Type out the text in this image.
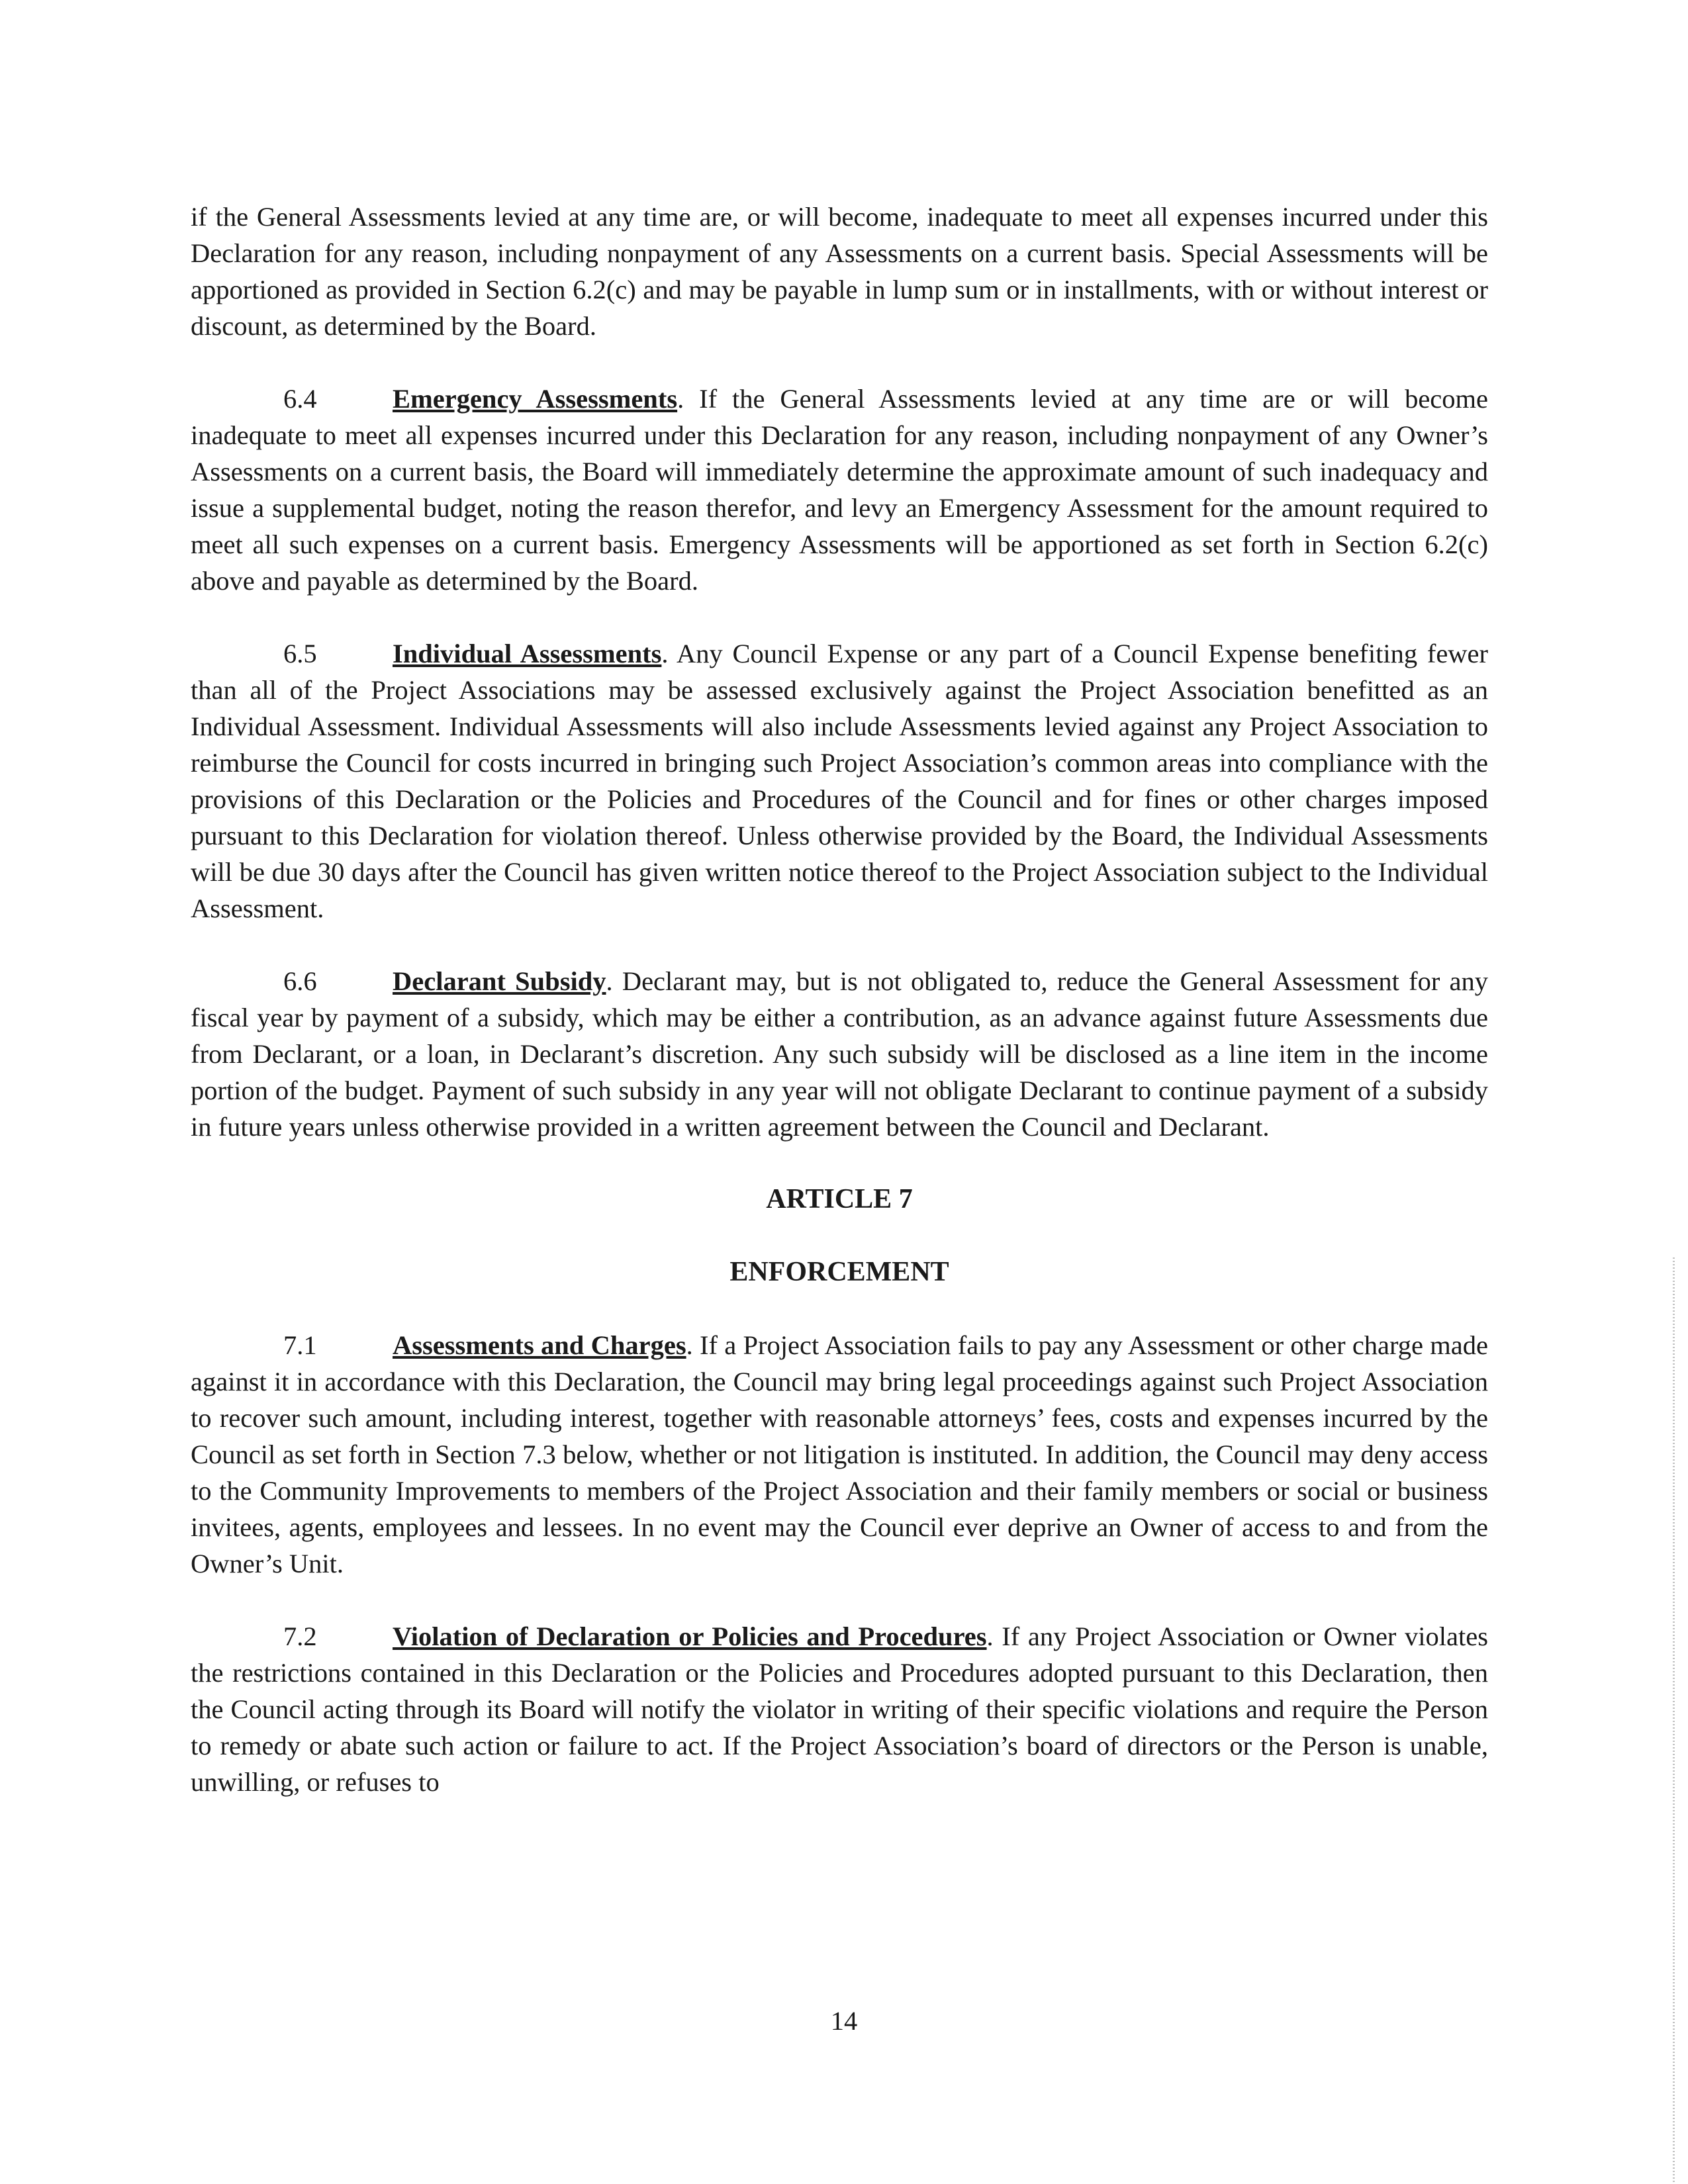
if the General Assessments levied at any time are, or will become, inadequate to meet all expenses incurred under this Declaration for any reason, including nonpayment of any Assessments on a current basis. Special Assessments will be apportioned as provided in Section 6.2(c) and may be payable in lump sum or in installments, with or without interest or discount, as determined by the Board.

6.4	Emergency Assessments. If the General Assessments levied at any time are or will become inadequate to meet all expenses incurred under this Declaration for any reason, including nonpayment of any Owner’s Assessments on a current basis, the Board will immediately determine the approximate amount of such inadequacy and issue a supplemental budget, noting the reason therefor, and levy an Emergency Assessment for the amount required to meet all such expenses on a current basis. Emergency Assessments will be apportioned as set forth in Section 6.2(c) above and payable as determined by the Board.

6.5	Individual Assessments. Any Council Expense or any part of a Council Expense benefiting fewer than all of the Project Associations may be assessed exclusively against the Project Association benefitted as an Individual Assessment. Individual Assessments will also include Assessments levied against any Project Association to reimburse the Council for costs incurred in bringing such Project Association’s common areas into compliance with the provisions of this Declaration or the Policies and Procedures of the Council and for fines or other charges imposed pursuant to this Declaration for violation thereof. Unless otherwise provided by the Board, the Individual Assessments will be due 30 days after the Council has given written notice thereof to the Project Association subject to the Individual Assessment.

6.6	Declarant Subsidy. Declarant may, but is not obligated to, reduce the General Assessment for any fiscal year by payment of a subsidy, which may be either a contribution, as an advance against future Assessments due from Declarant, or a loan, in Declarant’s discretion. Any such subsidy will be disclosed as a line item in the income portion of the budget. Payment of such subsidy in any year will not obligate Declarant to continue payment of a subsidy in future years unless otherwise provided in a written agreement between the Council and Declarant.

ARTICLE 7

ENFORCEMENT

7.1	Assessments and Charges. If a Project Association fails to pay any Assessment or other charge made against it in accordance with this Declaration, the Council may bring legal proceedings against such Project Association to recover such amount, including interest, together with reasonable attorneys’ fees, costs and expenses incurred by the Council as set forth in Section 7.3 below, whether or not litigation is instituted. In addition, the Council may deny access to the Community Improvements to members of the Project Association and their family members or social or business invitees, agents, employees and lessees. In no event may the Council ever deprive an Owner of access to and from the Owner’s Unit.

7.2	Violation of Declaration or Policies and Procedures. If any Project Association or Owner violates the restrictions contained in this Declaration or the Policies and Procedures adopted pursuant to this Declaration, then the Council acting through its Board will notify the violator in writing of their specific violations and require the Person to remedy or abate such action or failure to act. If the Project Association’s board of directors or the Person is unable, unwilling, or refuses to

14
